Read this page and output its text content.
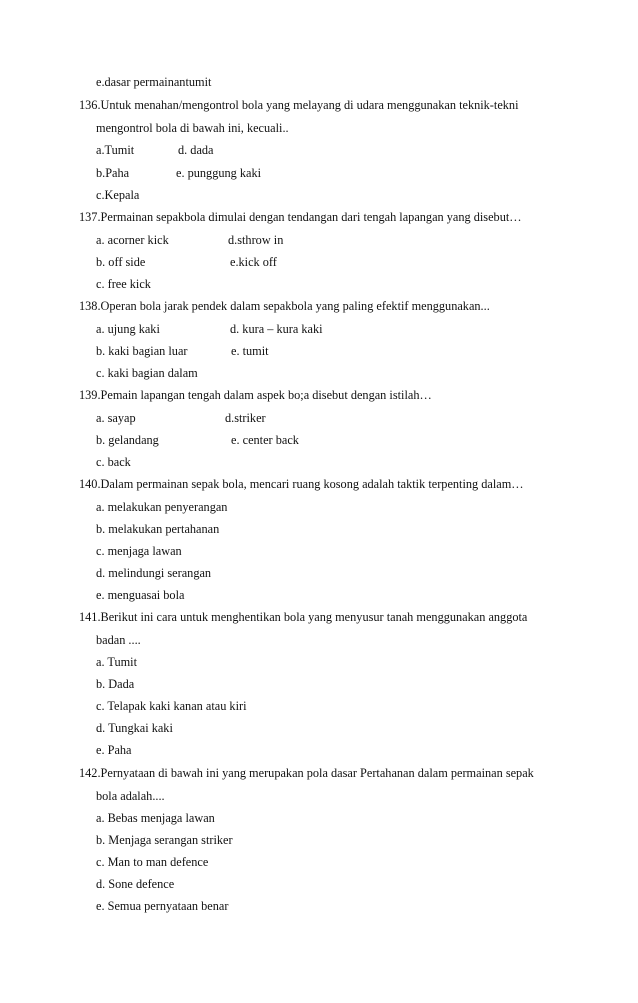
e.dasar permainantumit
136.Untuk menahan/mengontrol bola yang melayang di udara menggunakan teknik-tekni
mengontrol bola di bawah ini, kecuali..
a.Tumit	d. dada
b.Paha	e. punggung kaki
c.Kepala
137.Permainan sepakbola dimulai dengan tendangan dari tengah lapangan yang disebut…
a. acorner kick	d.sthrow in
b. off side	e.kick off
c. free kick
138.Operan bola jarak pendek dalam sepakbola yang paling efektif menggunakan...
a. ujung kaki	d. kura – kura kaki
b. kaki bagian luar	e. tumit
c. kaki bagian dalam
139.Pemain lapangan tengah dalam aspek bo;a disebut dengan istilah…
a. sayap	d.striker
b. gelandang	e. center back
c. back
140.Dalam permainan sepak bola, mencari ruang kosong adalah taktik terpenting dalam…
a. melakukan penyerangan
b. melakukan pertahanan
c. menjaga lawan
d. melindungi serangan
e. menguasai bola
141.Berikut ini cara untuk menghentikan bola yang menyusur tanah menggunakan anggota
badan ....
a. Tumit
b. Dada
c. Telapak kaki kanan atau kiri
d. Tungkai kaki
e. Paha
142.Pernyataan di bawah ini yang merupakan pola dasar Pertahanan dalam permainan sepak
bola adalah....
a. Bebas menjaga lawan
b. Menjaga serangan striker
c. Man to man defence
d. Sone defence
e. Semua pernyataan benar
